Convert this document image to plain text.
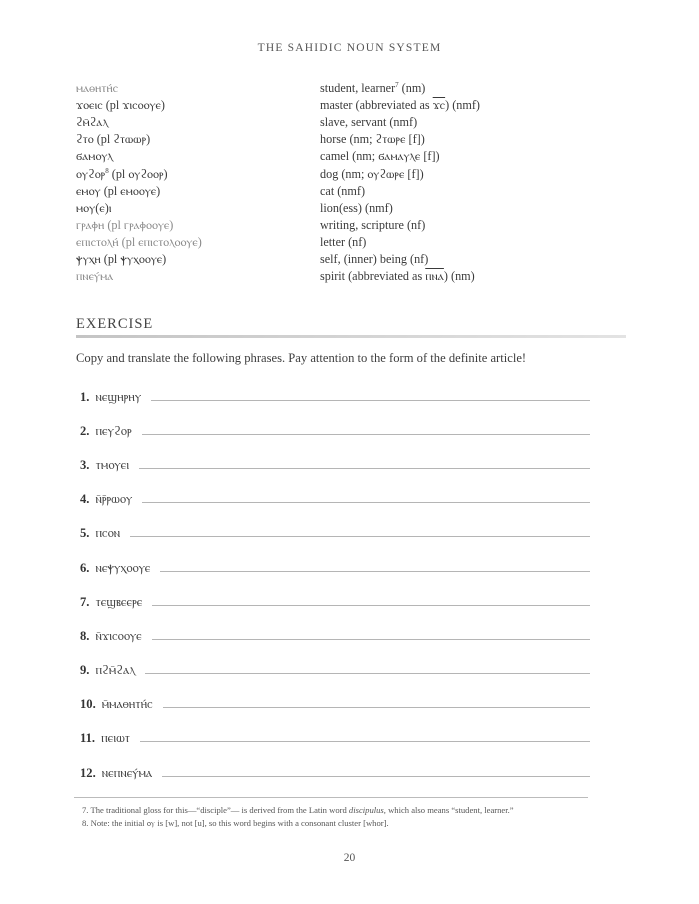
THE SAHIDIC NOUN SYSTEM
ⲙⲁⲑⲏⲧⲏ́ⲥ	student, learner$^7$ (nm)
ϫⲟⲉⲓⲥ (pl ϫⲓⲥⲟⲟⲩⲉ)	master (abbreviated as ϫⲥ) (nmf)
ϩⲙ̄ϩⲁⲗ	slave, servant (nmf)
ϩⲧⲟ (pl ϩⲧⲱⲱⲣ)	horse (nm; ϩⲧⲱⲣⲉ [f])
ϭⲁⲙⲟⲩⲗ	camel (nm; ϭⲁⲙⲁⲩⲗⲉ [f])
ⲟⲩϩⲟⲣ$^8$ (pl ⲟⲩϩⲟⲟⲣ)	dog (nm; ⲟⲩϩⲱⲣⲉ [f])
ⲉⲙⲟⲩ (pl ⲉⲙⲟⲟⲩⲉ)	cat (nmf)
ⲙⲟⲩ(ⲉ)ⲓ	lion(ess) (nmf)
ⲅⲣⲁⲫⲏ (pl ⲅⲣⲁⲫⲟⲟⲩⲉ)	writing, scripture (nf)
ⲉⲡⲓⲥⲧⲟⲗⲏ́ (pl ⲉⲡⲓⲥⲧⲟⲗⲟⲟⲩⲉ)	letter (nf)
ⲯⲩⲭⲏ (pl ⲯⲩⲭⲟⲟⲩⲉ)	self, (inner) being (nf)
ⲡⲛⲉⲩ́ⲙⲁ	spirit (abbreviated as ⲡⲛⲁ) (nm)
EXERCISE
Copy and translate the following phrases. Pay attention to the form of the definite article!
1. ⲛⲉϣⲏⲣⲏⲩ
2. ⲡⲉⲩϩⲟⲣ
3. ⲧⲙⲟⲩⲉⲓ
4. ⲛ̄ⲣ̄ⲣⲱⲟⲩ
5. ⲡⲥⲟⲛ
6. ⲛⲉⲯⲩⲭⲟⲟⲩⲉ
7. ⲧⲉϣⲃⲉⲉⲣⲉ
8. ⲛ̄ϫⲓⲥⲟⲟⲩⲉ
9. ⲡϩⲙ̄ϩⲁⲗ
10. ⲙ̄ⲙⲁⲑⲏⲧⲏ́ⲥ
11. ⲡⲉⲓⲱⲧ
12. ⲛⲉⲡⲛⲉⲩ́ⲙⲁ
7. The traditional gloss for this—“disciple”— is derived from the Latin word discipulus, which also means “student, learner.”
8. Note: the initial ⲟⲩ is [w], not [u], so this word begins with a consonant cluster [whor].
20
